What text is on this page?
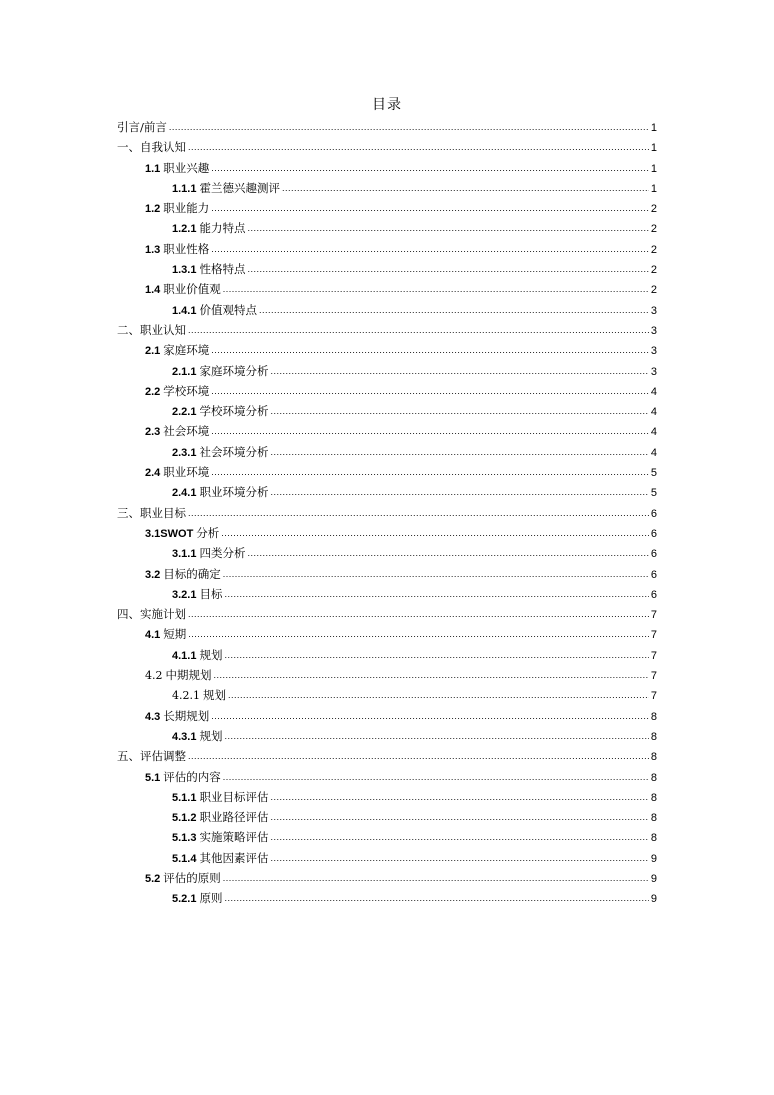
目录
引言/前言 .....	1
一、自我认知 .....	1
1.1 职业兴趣 .....	1
1.1.1 霍兰德兴趣测评 .....	1
1.2 职业能力 .....	2
1.2.1 能力特点 .....	2
1.3 职业性格 .....	2
1.3.1 性格特点 .....	2
1.4 职业价值观 .....	2
1.4.1 价值观特点 .....	3
二、职业认知 .....	3
2.1 家庭环境 .....	3
2.1.1 家庭环境分析 .....	3
2.2 学校环境 .....	4
2.2.1 学校环境分析 .....	4
2.3 社会环境 .....	4
2.3.1 社会环境分析 .....	4
2.4 职业环境 .....	5
2.4.1 职业环境分析 .....	5
三、职业目标 .....	6
3.1SWOT 分析 .....	6
3.1.1 四类分析 .....	6
3.2 目标的确定 .....	6
3.2.1 目标 .....	6
四、实施计划 .....	7
4.1 短期 .....	7
4.1.1 规划 .....	7
4.2 中期规划 .....	7
4.2.1 规划 .....	7
4.3 长期规划 .....	8
4.3.1 规划 .....	8
五、评估调整 .....	8
5.1 评估的内容 .....	8
5.1.1 职业目标评估 .....	8
5.1.2 职业路径评估 .....	8
5.1.3 实施策略评估 .....	8
5.1.4 其他因素评估 .....	9
5.2 评估的原则 .....	9
5.2.1 原则 .....	9
